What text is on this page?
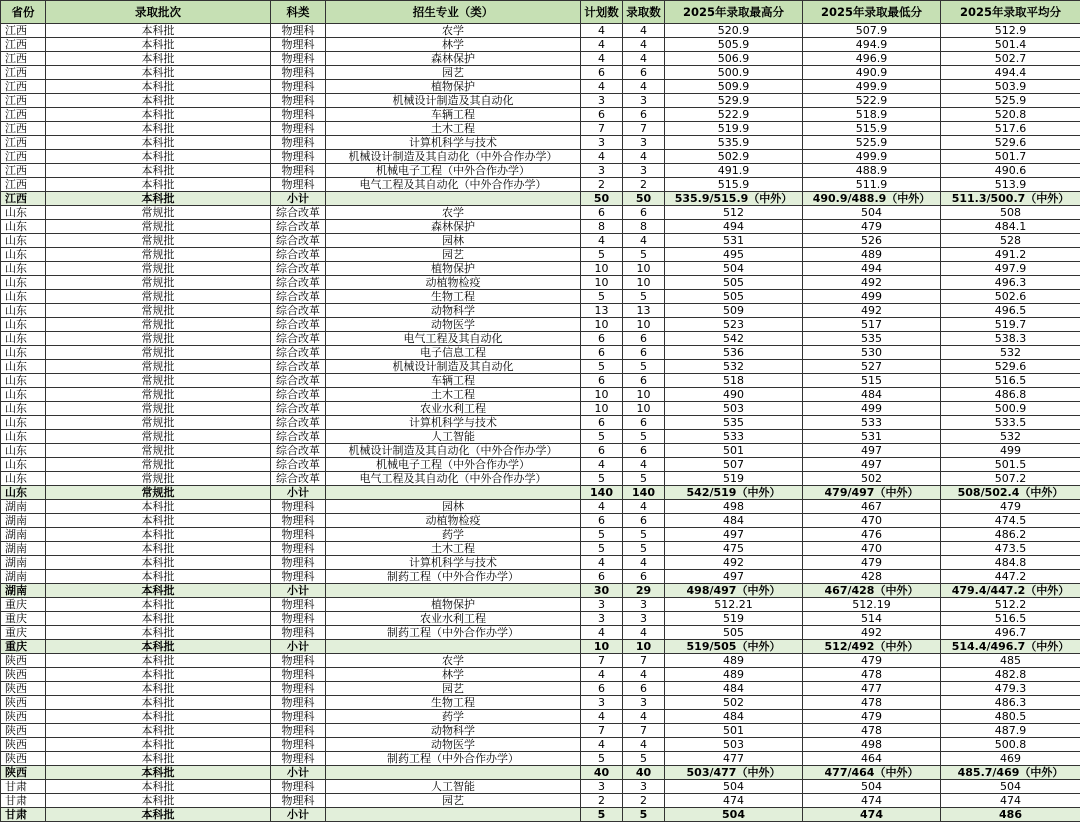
省份	录取批次	科类	招生专业（类）	计划数	录取数	2025年录取最高分	2025年录取最低分	2025年录取平均分
江西	本科批	物理科	农学	4	4	520.9	507.9	512.9
江西	本科批	物理科	林学	4	4	505.9	494.9	501.4
江西	本科批	物理科	森林保护	4	4	506.9	496.9	502.7
江西	本科批	物理科	园艺	6	6	500.9	490.9	494.4
江西	本科批	物理科	植物保护	4	4	509.9	499.9	503.9
江西	本科批	物理科	机械设计制造及其自动化	3	3	529.9	522.9	525.9
江西	本科批	物理科	车辆工程	6	6	522.9	518.9	520.8
江西	本科批	物理科	土木工程	7	7	519.9	515.9	517.6
江西	本科批	物理科	计算机科学与技术	3	3	535.9	525.9	529.6
江西	本科批	物理科	机械设计制造及其自动化（中外合作办学）	4	4	502.9	499.9	501.7
江西	本科批	物理科	机械电子工程（中外合作办学）	3	3	491.9	488.9	490.6
江西	本科批	物理科	电气工程及其自动化（中外合作办学）	2	2	515.9	511.9	513.9
江西	本科批	小计		50	50	535.9/515.9（中外）	490.9/488.9（中外）	511.3/500.7（中外）
山东	常规批	综合改革	农学	6	6	512	504	508
山东	常规批	综合改革	森林保护	8	8	494	479	484.1
山东	常规批	综合改革	园林	4	4	531	526	528
山东	常规批	综合改革	园艺	5	5	495	489	491.2
山东	常规批	综合改革	植物保护	10	10	504	494	497.9
山东	常规批	综合改革	动植物检疫	10	10	505	492	496.3
山东	常规批	综合改革	生物工程	5	5	505	499	502.6
山东	常规批	综合改革	动物科学	13	13	509	492	496.5
山东	常规批	综合改革	动物医学	10	10	523	517	519.7
山东	常规批	综合改革	电气工程及其自动化	6	6	542	535	538.3
山东	常规批	综合改革	电子信息工程	6	6	536	530	532
山东	常规批	综合改革	机械设计制造及其自动化	5	5	532	527	529.6
山东	常规批	综合改革	车辆工程	6	6	518	515	516.5
山东	常规批	综合改革	土木工程	10	10	490	484	486.8
山东	常规批	综合改革	农业水利工程	10	10	503	499	500.9
山东	常规批	综合改革	计算机科学与技术	6	6	535	533	533.5
山东	常规批	综合改革	人工智能	5	5	533	531	532
山东	常规批	综合改革	机械设计制造及其自动化（中外合作办学）	6	6	501	497	499
山东	常规批	综合改革	机械电子工程（中外合作办学）	4	4	507	497	501.5
山东	常规批	综合改革	电气工程及其自动化（中外合作办学）	5	5	519	502	507.2
山东	常规批	小计		140	140	542/519（中外）	479/497（中外）	508/502.4（中外）
湖南	本科批	物理科	园林	4	4	498	467	479
湖南	本科批	物理科	动植物检疫	6	6	484	470	474.5
湖南	本科批	物理科	药学	5	5	497	476	486.2
湖南	本科批	物理科	土木工程	5	5	475	470	473.5
湖南	本科批	物理科	计算机科学与技术	4	4	492	479	484.8
湖南	本科批	物理科	制药工程（中外合作办学）	6	6	497	428	447.2
湖南	本科批	小计		30	29	498/497（中外）	467/428（中外）	479.4/447.2（中外）
重庆	本科批	物理科	植物保护	3	3	512.21	512.19	512.2
重庆	本科批	物理科	农业水利工程	3	3	519	514	516.5
重庆	本科批	物理科	制药工程（中外合作办学）	4	4	505	492	496.7
重庆	本科批	小计		10	10	519/505（中外）	512/492（中外）	514.4/496.7（中外）
陕西	本科批	物理科	农学	7	7	489	479	485
陕西	本科批	物理科	林学	4	4	489	478	482.8
陕西	本科批	物理科	园艺	6	6	484	477	479.3
陕西	本科批	物理科	生物工程	3	3	502	478	486.3
陕西	本科批	物理科	药学	4	4	484	479	480.5
陕西	本科批	物理科	动物科学	7	7	501	478	487.9
陕西	本科批	物理科	动物医学	4	4	503	498	500.8
陕西	本科批	物理科	制药工程（中外合作办学）	5	5	477	464	469
陕西	本科批	小计		40	40	503/477（中外）	477/464（中外）	485.7/469（中外）
甘肃	本科批	物理科	人工智能	3	3	504	504	504
甘肃	本科批	物理科	园艺	2	2	474	474	474
甘肃	本科批	小计		5	5	504	474	486
